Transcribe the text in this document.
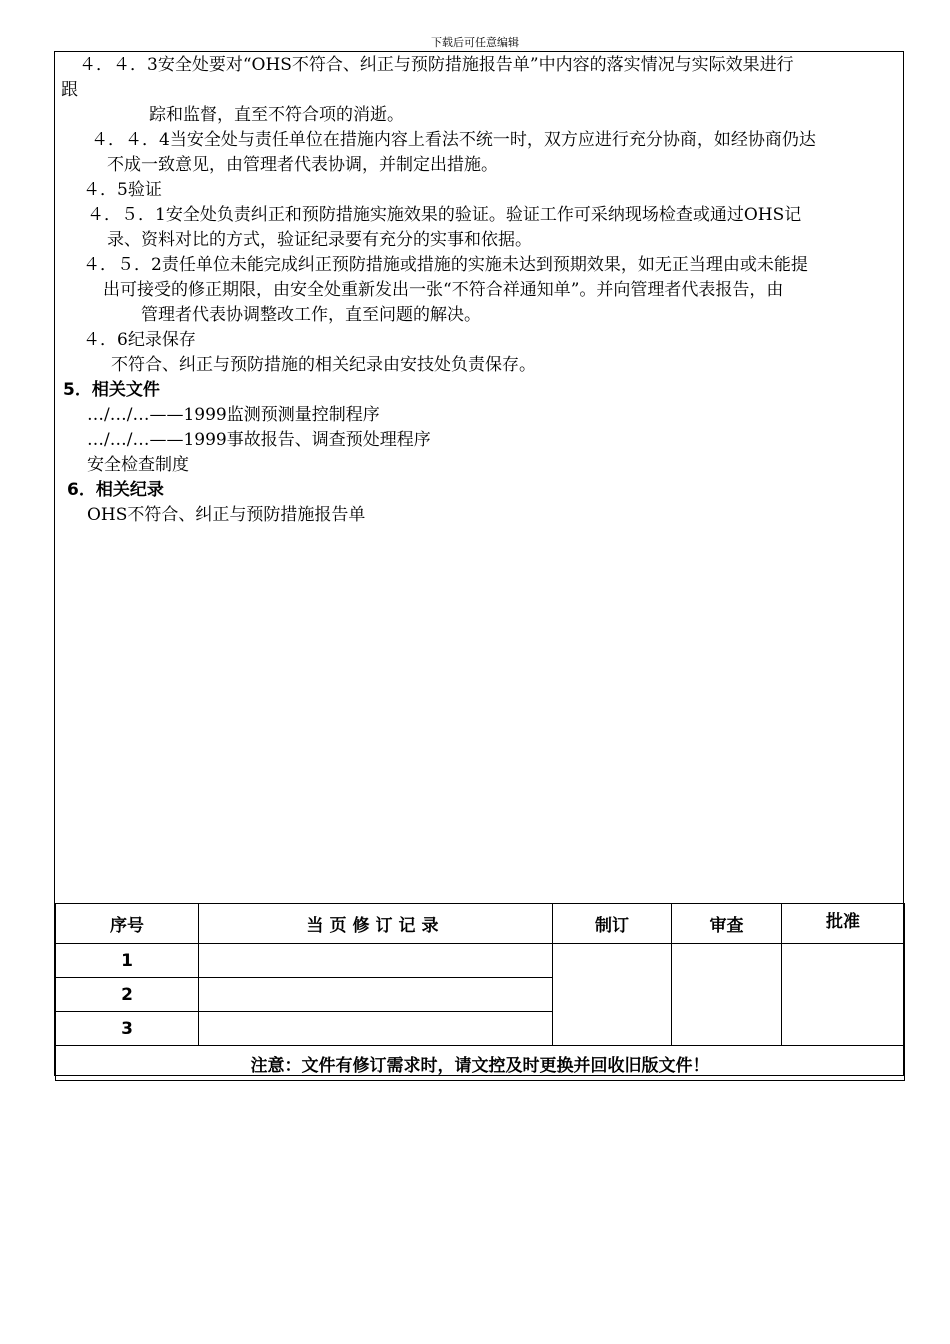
下载后可任意编辑
４．４．3安全处要对“OHS不符合、纠正与预防措施报告单”中内容的落实情况与实际效果进行
跟
踪和监督，直至不符合项的消逝。
４．４．4当安全处与责任单位在措施内容上看法不统一时，双方应进行充分协商，如经协商仍达
不成一致意见，由管理者代表协调，并制定出措施。
４．5验证
４．５．1安全处负责纠正和预防措施实施效果的验证。验证工作可采纳现场检查或通过OHS记
录、资料对比的方式，验证纪录要有充分的实事和依据。
４．５．2责任单位未能完成纠正预防措施或措施的实施未达到预期效果，如无正当理由或未能提
出可接受的修正期限，由安全处重新发出一张“不符合祥通知单”。并向管理者代表报告，由
管理者代表协调整改工作，直至问题的解决。
４．6纪录保存
不符合、纠正与预防措施的相关纪录由安技处负责保存。
5．相关文件
…/…/…——1999监测预测量控制程序
…/…/…——1999事故报告、调查预处理程序
安全检查制度
6．相关纪录
OHS不符合、纠正与预防措施报告单
序号	当页修订记录	制订	审查	批准
1				
2				
3				
注意：文件有修订需求时，请文控及时更换并回收旧版文件！				
